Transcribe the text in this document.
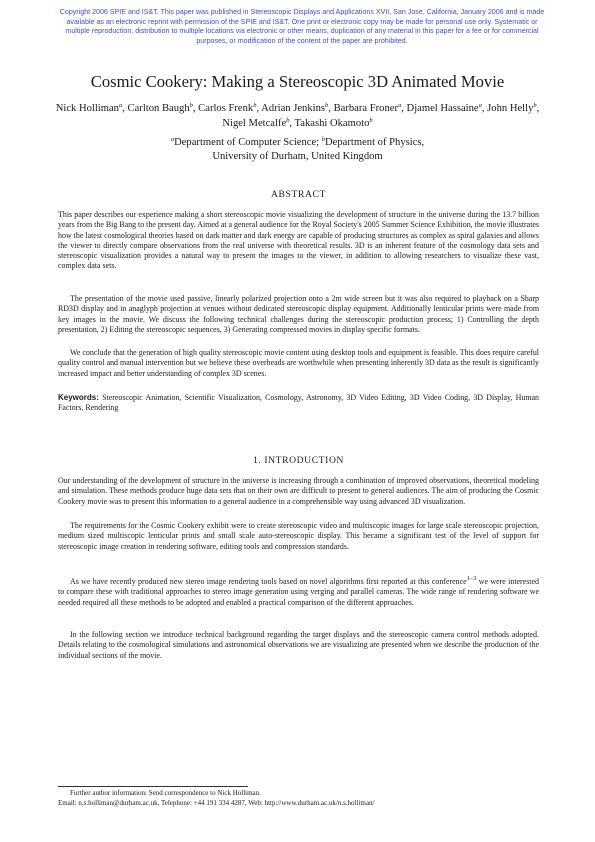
Copyright 2006 SPIE and IS&T. This paper was published in Stereoscopic Displays and Applications XVII, San Jose, California, January 2006 and is made available as an electronic reprint with permission of the SPIE and IS&T. One print or electronic copy may be made for personal use only. Systematic or multiple reproduction, distribution to multiple locations via electronic or other means, duplication of any material in this paper for a fee or for commercial purposes, or modification of the content of the paper are prohibited.
Cosmic Cookery: Making a Stereoscopic 3D Animated Movie
Nick Holliman$^a$, Carlton Baugh$^b$, Carlos Frenk$^b$, Adrian Jenkins$^b$, Barbara Froner$^a$, Djamel Hassaine$^a$, John Helly$^b$, Nigel Metcalfe$^b$, Takashi Okamoto$^b$
$^a$Department of Computer Science; $^b$Department of Physics,
University of Durham, United Kingdom
ABSTRACT

This paper describes our experience making a short stereoscopic movie visualizing the development of structure in the universe during the 13.7 billion years from the Big Bang to the present day. Aimed at a general audience for the Royal Society's 2005 Summer Science Exhibition, the movie illustrates how the latest cosmological theories based on dark matter and dark energy are capable of producing structures as complex as spiral galaxies and allows the viewer to directly compare observations from the real universe with theoretical results. 3D is an inherent feature of the cosmology data sets and stereoscopic visualization provides a natural way to present the images to the viewer, in addition to allowing researchers to visualize these vast, complex data sets.

The presentation of the movie used passive, linearly polarized projection onto a 2m wide screen but it was also required to playback on a Sharp RD3D display and in anaglyph projection at venues without dedicated stereoscopic display equipment. Additionally lenticular prints were made from key images in the movie. We discuss the following technical challenges during the stereoscopic production process; 1) Controlling the depth presentation, 2) Editing the stereoscopic sequences, 3) Generating compressed movies in display specific formats.

We conclude that the generation of high quality stereoscopic movie content using desktop tools and equipment is feasible. This does require careful quality control and manual intervention but we believe these overheads are worthwhile when presenting inherently 3D data as the result is significantly increased impact and better understanding of complex 3D scenes.

Keywords: Stereoscopic Animation, Scientific Visualization, Cosmology, Astronomy, 3D Video Editing, 3D Video Coding, 3D Display, Human Factors, Rendering

1. INTRODUCTION

Our understanding of the development of structure in the universe is increasing through a combination of improved observations, theoretical modeling and simulation. These methods produce huge data sets that on their own are difficult to present to general audiences. The aim of producing the Cosmic Cookery movie was to present this information to a general audience in a comprehensible way using advanced 3D visualization.

The requirements for the Cosmic Cookery exhibit were to create stereoscopic video and multiscopic images for large scale stereoscopic projection, medium sized multiscopic lenticular prints and small scale auto-stereoscopic display. This became a significant test of the level of support for stereoscopic image creation in rendering software, editing tools and compression standards.

As we have recently produced new stereo image rendering tools based on novel algorithms first reported at this conference$^{1-3}$ we were interested to compare these with traditional approaches to stereo image generation using verging and parallel cameras. The wide range of rendering software we needed required all these methods to be adopted and enabled a practical comparison of the different approaches.

In the following section we introduce technical background regarding the target displays and the stereoscopic camera control methods adopted. Details relating to the cosmological simulations and astronomical observations we are visualizing are presented when we describe the production of the individual sections of the movie.

Further author information: Send correspondence to Nick Holliman.
Email: n.s.holliman@durham.ac.uk, Telephone: +44 191 334 4287, Web: http://www.durham.ac.uk/n.s.holliman/
